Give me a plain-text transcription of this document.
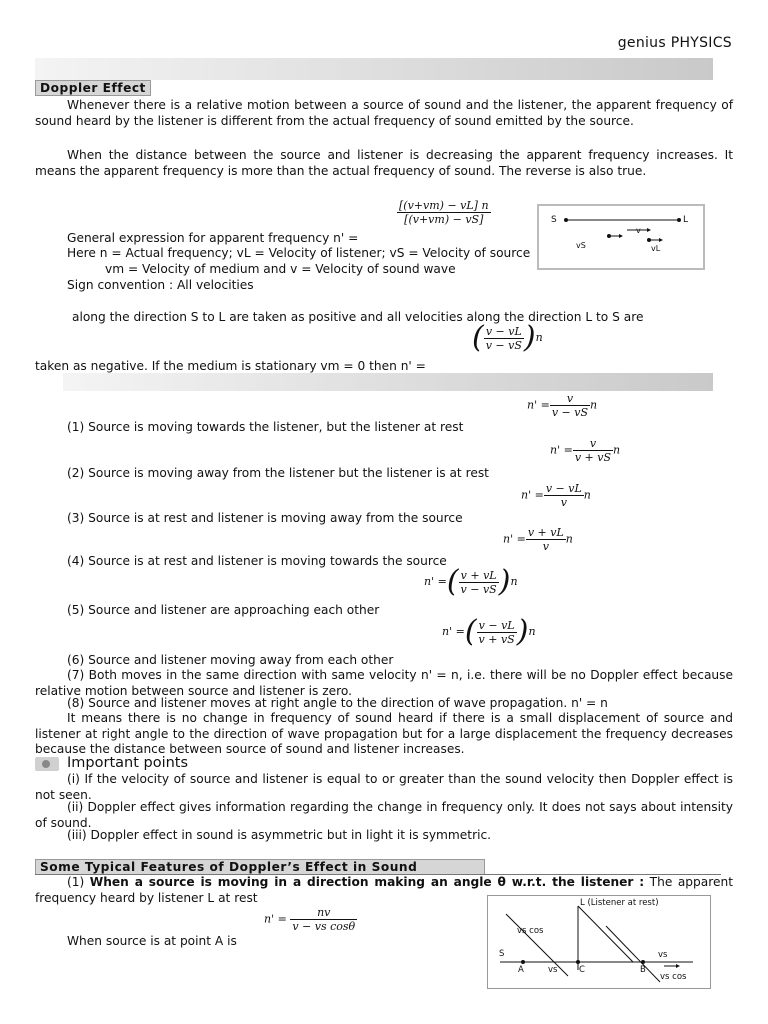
genius PHYSICS
Doppler Effect
Whenever there is a relative motion between a source of sound and the listener, the apparent frequency of sound heard by the listener is different from the actual frequency of sound emitted by the source.
When the distance between the source and listener is decreasing the apparent frequency increases. It means the apparent frequency is more than the actual frequency of sound. The reverse is also true.
$\frac{[(v+vm) - vL] n}{[(v+vm) - vS]}$	S	L
vS
v
vL
General expression for apparent frequency n' =
Here n = Actual frequency; vL = Velocity of listener; vS = Velocity of source
vm = Velocity of medium and v = Velocity of sound wave
Sign convention : All velocities
along the direction S to L are taken as positive and all velocities along the direction L to S are
( $\frac{v - vL}{v - vS} )n$
taken as negative. If the medium is stationary vm = 0 then n' =
$n' = \frac{v}{v - vS}$ n
(1) Source is moving towards the listener, but the listener at rest
$n' = \frac{v}{v + vS}$ n
(2) Source is moving away from the listener but the listener is at rest
$n' = \frac{v - vL}{v}$ n
(3) Source is at rest and listener is moving away from the source
$n' = \frac{v + vL}{v}$ n
(4) Source is at rest and listener is moving towards the source
n' =( $\frac{v + vL}{v - vS} )n$
(5) Source and listener are approaching each other
n' =( $\frac{v - vL}{v + vS} )n$
(6) Source and listener moving away from each other
(7) Both moves in the same direction with same velocity n' = n, i.e. there will be no Doppler effect because relative motion between source and listener is zero.
(8) Source and listener moves at right angle to the direction of wave propagation. n' = n
It means there is no change in frequency of sound heard if there is a small displacement of source and listener at right angle to the direction of wave propagation but for a large displacement the frequency decreases because the distance between source of sound and listener increases.
Important points
(i) If the velocity of source and listener is equal to or greater than the sound velocity then Doppler effect is not seen.
(ii) Doppler effect gives information regarding the change in frequency only. It does not says about intensity of sound.
(iii) Doppler effect in sound is asymmetric but in light it is symmetric.
Some Typical Features of Doppler’s Effect in Sound
(1) When a source is moving in a direction making an angle θ w.r.t. the listener : The apparent frequency heard by listener L at rest
$n' = \frac{nv}{\text{v − vs cosθ}}$
When source is at point A is
L (Listener at rest)
vs cos
S
A	vs	C	B
vs
vs cos
